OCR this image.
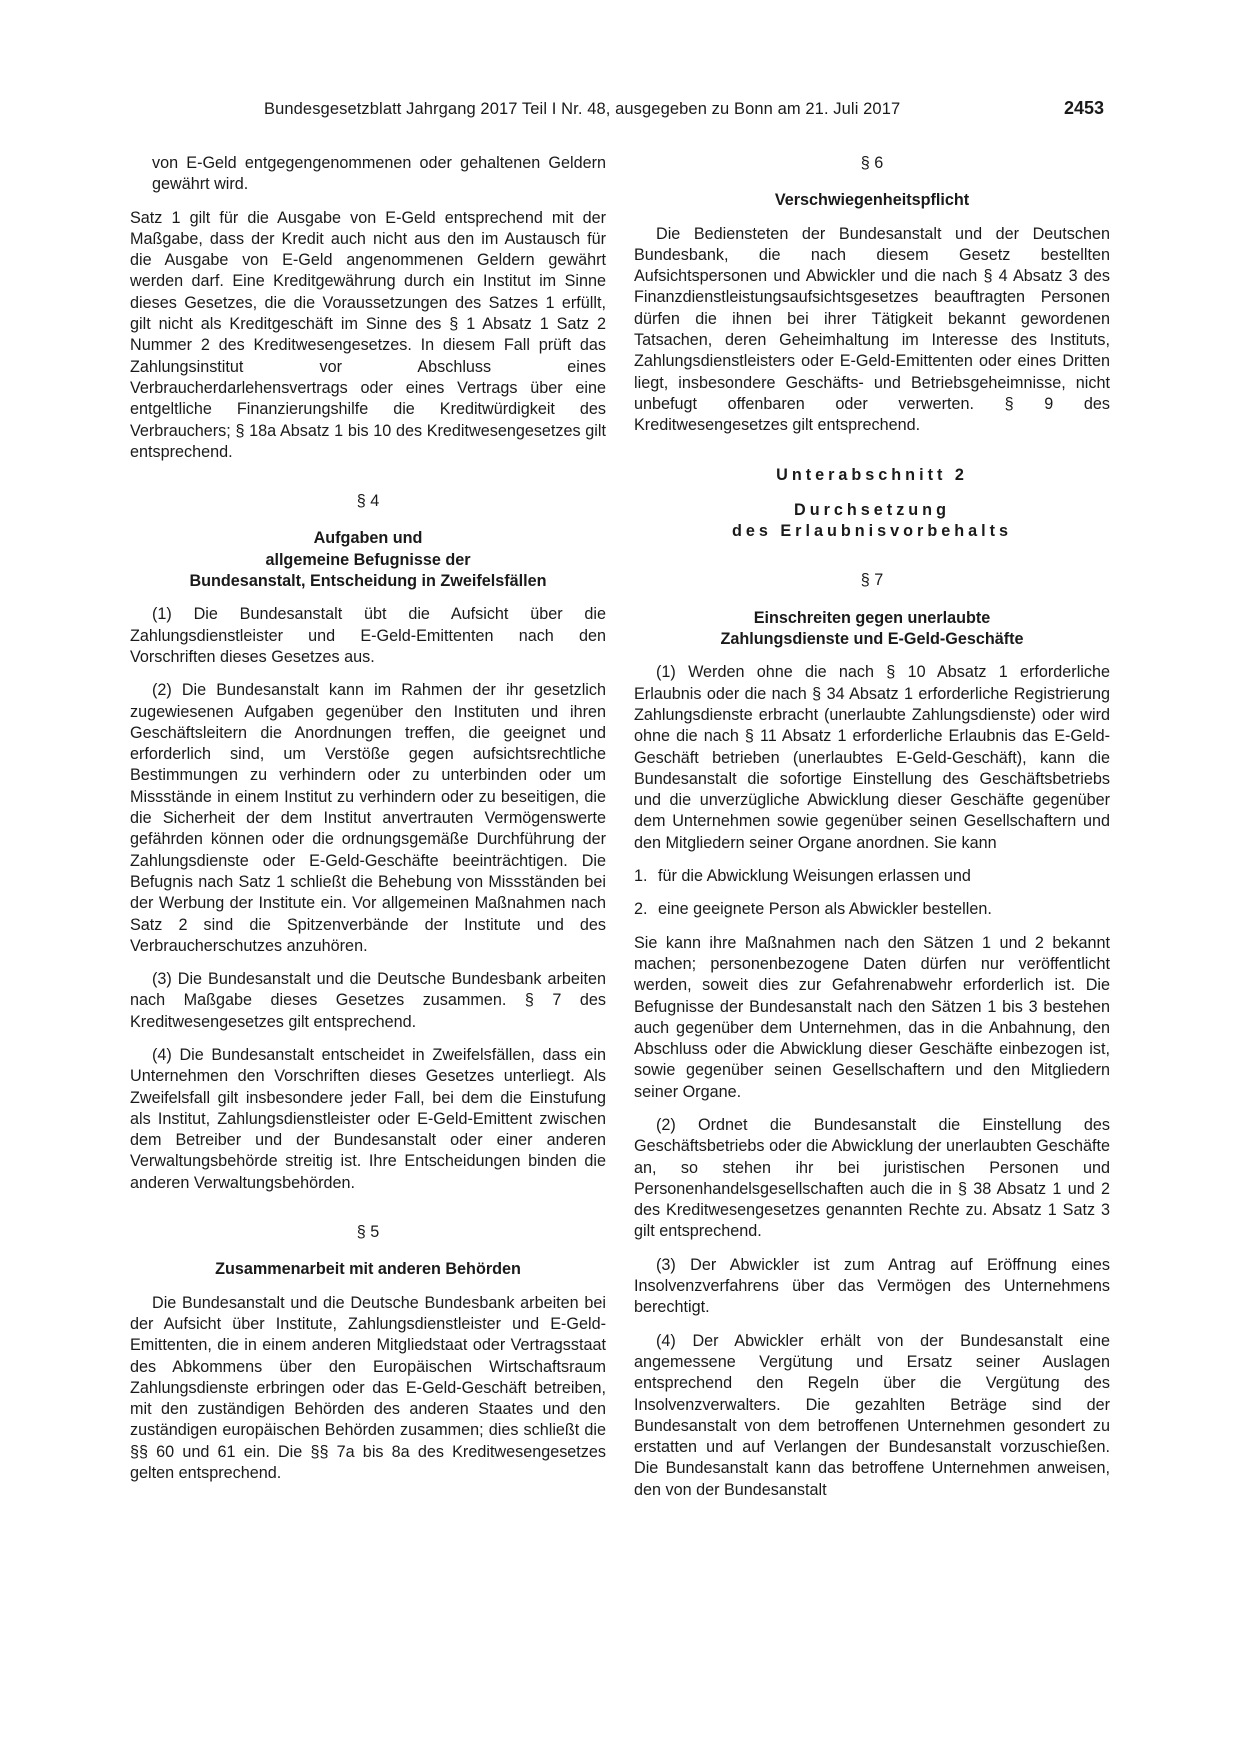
Bundesgesetzblatt Jahrgang 2017 Teil I Nr. 48, ausgegeben zu Bonn am 21. Juli 2017	2453

von E-Geld entgegengenommenen oder gehaltenen Geldern gewährt wird.

Satz 1 gilt für die Ausgabe von E-Geld entsprechend mit der Maßgabe, dass der Kredit auch nicht aus den im Austausch für die Ausgabe von E-Geld angenommenen Geldern gewährt werden darf. Eine Kreditgewährung durch ein Institut im Sinne dieses Gesetzes, die die Voraussetzungen des Satzes 1 erfüllt, gilt nicht als Kreditgeschäft im Sinne des § 1 Absatz 1 Satz 2 Nummer 2 des Kreditwesengesetzes. In diesem Fall prüft das Zahlungsinstitut vor Abschluss eines Verbraucherdarlehensvertrags oder eines Vertrags über eine entgeltliche Finanzierungshilfe die Kreditwürdigkeit des Verbrauchers; § 18a Absatz 1 bis 10 des Kreditwesengesetzes gilt entsprechend.

§ 4
Aufgaben und
allgemeine Befugnisse der
Bundesanstalt, Entscheidung in Zweifelsfällen

(1) Die Bundesanstalt übt die Aufsicht über die Zahlungsdienstleister und E-Geld-Emittenten nach den Vorschriften dieses Gesetzes aus.

(2) Die Bundesanstalt kann im Rahmen der ihr gesetzlich zugewiesenen Aufgaben gegenüber den Instituten und ihren Geschäftsleitern die Anordnungen treffen, die geeignet und erforderlich sind, um Verstöße gegen aufsichtsrechtliche Bestimmungen zu verhindern oder zu unterbinden oder um Missstände in einem Institut zu verhindern oder zu beseitigen, die die Sicherheit der dem Institut anvertrauten Vermögenswerte gefährden können oder die ordnungsgemäße Durchführung der Zahlungsdienste oder E-Geld-Geschäfte beeinträchtigen. Die Befugnis nach Satz 1 schließt die Behebung von Missständen bei der Werbung der Institute ein. Vor allgemeinen Maßnahmen nach Satz 2 sind die Spitzenverbände der Institute und des Verbraucherschutzes anzuhören.

(3) Die Bundesanstalt und die Deutsche Bundesbank arbeiten nach Maßgabe dieses Gesetzes zusammen. § 7 des Kreditwesengesetzes gilt entsprechend.

(4) Die Bundesanstalt entscheidet in Zweifelsfällen, dass ein Unternehmen den Vorschriften dieses Gesetzes unterliegt. Als Zweifelsfall gilt insbesondere jeder Fall, bei dem die Einstufung als Institut, Zahlungsdienstleister oder E-Geld-Emittent zwischen dem Betreiber und der Bundesanstalt oder einer anderen Verwaltungsbehörde streitig ist. Ihre Entscheidungen binden die anderen Verwaltungsbehörden.

§ 5
Zusammenarbeit mit anderen Behörden

Die Bundesanstalt und die Deutsche Bundesbank arbeiten bei der Aufsicht über Institute, Zahlungsdienstleister und E-Geld-Emittenten, die in einem anderen Mitgliedstaat oder Vertragsstaat des Abkommens über den Europäischen Wirtschaftsraum Zahlungsdienste erbringen oder das E-Geld-Geschäft betreiben, mit den zuständigen Behörden des anderen Staates und den zuständigen europäischen Behörden zusammen; dies schließt die §§ 60 und 61 ein. Die §§ 7a bis 8a des Kreditwesengesetzes gelten entsprechend.

§ 6
Verschwiegenheitspflicht

Die Bediensteten der Bundesanstalt und der Deutschen Bundesbank, die nach diesem Gesetz bestellten Aufsichtspersonen und Abwickler und die nach § 4 Absatz 3 des Finanzdienstleistungsaufsichtsgesetzes beauftragten Personen dürfen die ihnen bei ihrer Tätigkeit bekannt gewordenen Tatsachen, deren Geheimhaltung im Interesse des Instituts, Zahlungsdienstleisters oder E-Geld-Emittenten oder eines Dritten liegt, insbesondere Geschäfts- und Betriebsgeheimnisse, nicht unbefugt offenbaren oder verwerten. § 9 des Kreditwesengesetzes gilt entsprechend.

Unterabschnitt 2
Durchsetzung
des Erlaubnisvorbehalts
§ 7
Einschreiten gegen unerlaubte
Zahlungsdienste und E-Geld-Geschäfte

(1) Werden ohne die nach § 10 Absatz 1 erforderliche Erlaubnis oder die nach § 34 Absatz 1 erforderliche Registrierung Zahlungsdienste erbracht (unerlaubte Zahlungsdienste) oder wird ohne die nach § 11 Absatz 1 erforderliche Erlaubnis das E-Geld-Geschäft betrieben (unerlaubtes E-Geld-Geschäft), kann die Bundesanstalt die sofortige Einstellung des Geschäftsbetriebs und die unverzügliche Abwicklung dieser Geschäfte gegenüber dem Unternehmen sowie gegenüber seinen Gesellschaftern und den Mitgliedern seiner Organe anordnen. Sie kann

1. für die Abwicklung Weisungen erlassen und
2. eine geeignete Person als Abwickler bestellen.

Sie kann ihre Maßnahmen nach den Sätzen 1 und 2 bekannt machen; personenbezogene Daten dürfen nur veröffentlicht werden, soweit dies zur Gefahrenabwehr erforderlich ist. Die Befugnisse der Bundesanstalt nach den Sätzen 1 bis 3 bestehen auch gegenüber dem Unternehmen, das in die Anbahnung, den Abschluss oder die Abwicklung dieser Geschäfte einbezogen ist, sowie gegenüber seinen Gesellschaftern und den Mitgliedern seiner Organe.

(2) Ordnet die Bundesanstalt die Einstellung des Geschäftsbetriebs oder die Abwicklung der unerlaubten Geschäfte an, so stehen ihr bei juristischen Personen und Personenhandelsgesellschaften auch die in § 38 Absatz 1 und 2 des Kreditwesengesetzes genannten Rechte zu. Absatz 1 Satz 3 gilt entsprechend.

(3) Der Abwickler ist zum Antrag auf Eröffnung eines Insolvenzverfahrens über das Vermögen des Unternehmens berechtigt.

(4) Der Abwickler erhält von der Bundesanstalt eine angemessene Vergütung und Ersatz seiner Auslagen entsprechend den Regeln über die Vergütung des Insolvenzverwalters. Die gezahlten Beträge sind der Bundesanstalt von dem betroffenen Unternehmen gesondert zu erstatten und auf Verlangen der Bundesanstalt vorzuschießen. Die Bundesanstalt kann das betroffene Unternehmen anweisen, den von der Bundesanstalt
